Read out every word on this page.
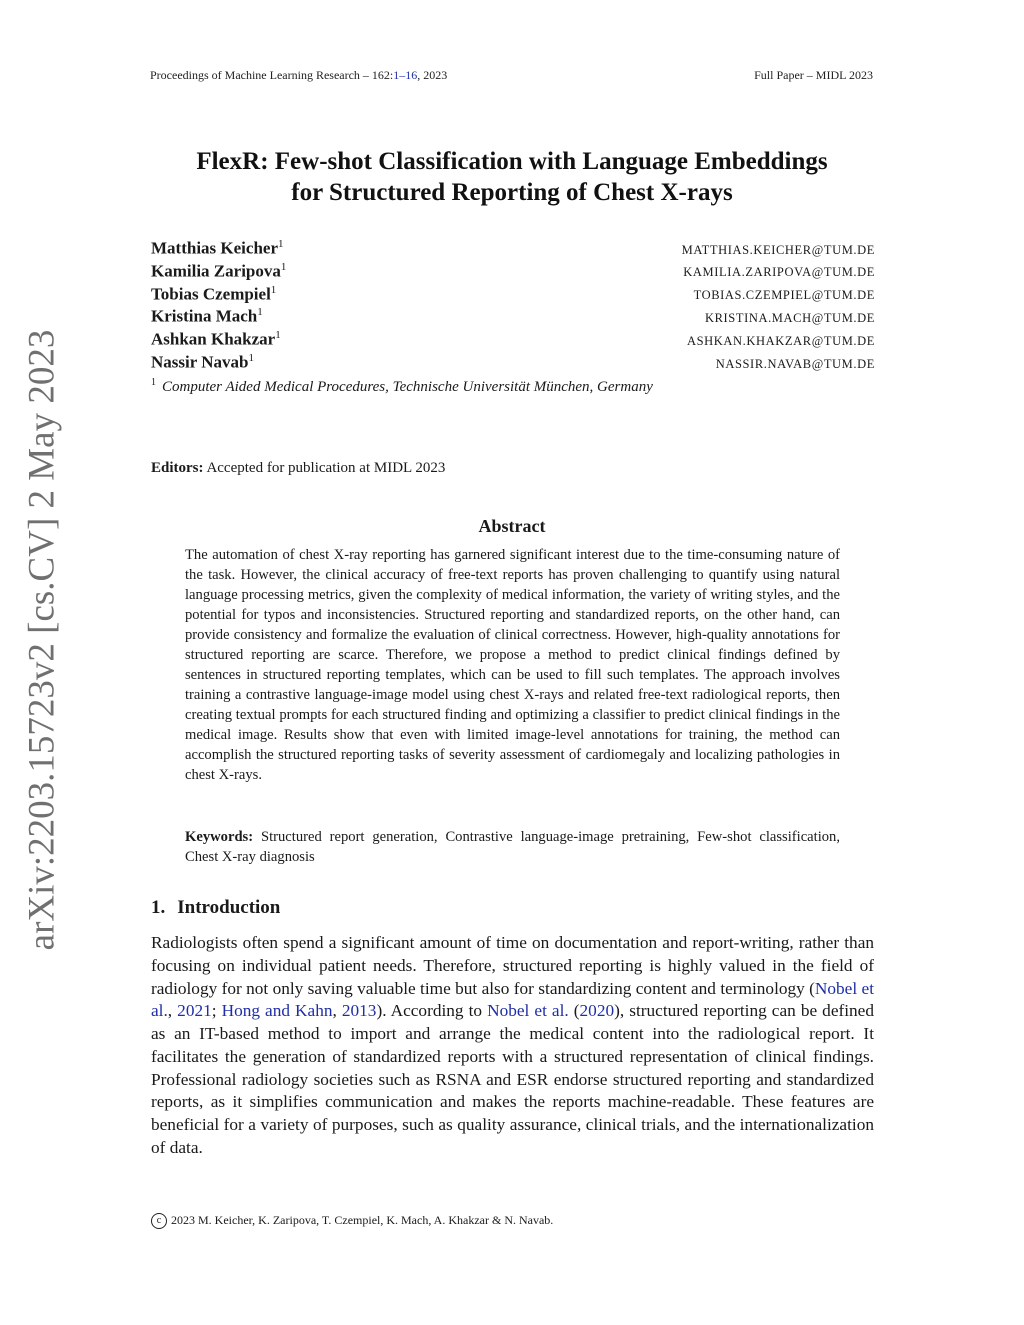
Proceedings of Machine Learning Research – 162:1–16, 2023	Full Paper – MIDL 2023
arXiv:2203.15723v2 [cs.CV] 2 May 2023
FlexR: Few-shot Classification with Language Embeddings
for Structured Reporting of Chest X-rays
Matthias Keicher$^1$	MATTHIAS.KEICHER@TUM.DE
Kamilia Zaripova$^1$	KAMILIA.ZARIPOVA@TUM.DE
Tobias Czempiel$^1$	TOBIAS.CZEMPIEL@TUM.DE
Kristina Mach$^1$	KRISTINA.MACH@TUM.DE
Ashkan Khakzar$^1$	ASHKAN.KHAKZAR@TUM.DE
Nassir Navab$^1$	NASSIR.NAVAB@TUM.DE
$^1$ Computer Aided Medical Procedures, Technische Universität München, Germany
Editors: Accepted for publication at MIDL 2023
Abstract
The automation of chest X-ray reporting has garnered significant interest due to the time-consuming nature of the task. However, the clinical accuracy of free-text reports has proven challenging to quantify using natural language processing metrics, given the complexity of medical information, the variety of writing styles, and the potential for typos and inconsistencies. Structured reporting and standardized reports, on the other hand, can provide consistency and formalize the evaluation of clinical correctness. However, high-quality annotations for structured reporting are scarce. Therefore, we propose a method to predict clinical findings defined by sentences in structured reporting templates, which can be used to fill such templates. The approach involves training a contrastive language-image model using chest X-rays and related free-text radiological reports, then creating textual prompts for each structured finding and optimizing a classifier to predict clinical findings in the medical image. Results show that even with limited image-level annotations for training, the method can accomplish the structured reporting tasks of severity assessment of cardiomegaly and localizing pathologies in chest X-rays.
Keywords: Structured report generation, Contrastive language-image pretraining, Few-shot classification, Chest X-ray diagnosis
1. Introduction
Radiologists often spend a significant amount of time on documentation and report-writing, rather than focusing on individual patient needs. Therefore, structured reporting is highly valued in the field of radiology for not only saving valuable time but also for standardizing content and terminology (Nobel et al., 2021; Hong and Kahn, 2013). According to Nobel et al. (2020), structured reporting can be defined as an IT-based method to import and arrange the medical content into the radiological report. It facilitates the generation of standardized reports with a structured representation of clinical findings. Professional radiology societies such as RSNA and ESR endorse structured reporting and standardized reports, as it simplifies communication and makes the reports machine-readable. These features are beneficial for a variety of purposes, such as quality assurance, clinical trials, and the internationalization of data.
c 2023 M. Keicher, K. Zaripova, T. Czempiel, K. Mach, A. Khakzar & N. Navab.
